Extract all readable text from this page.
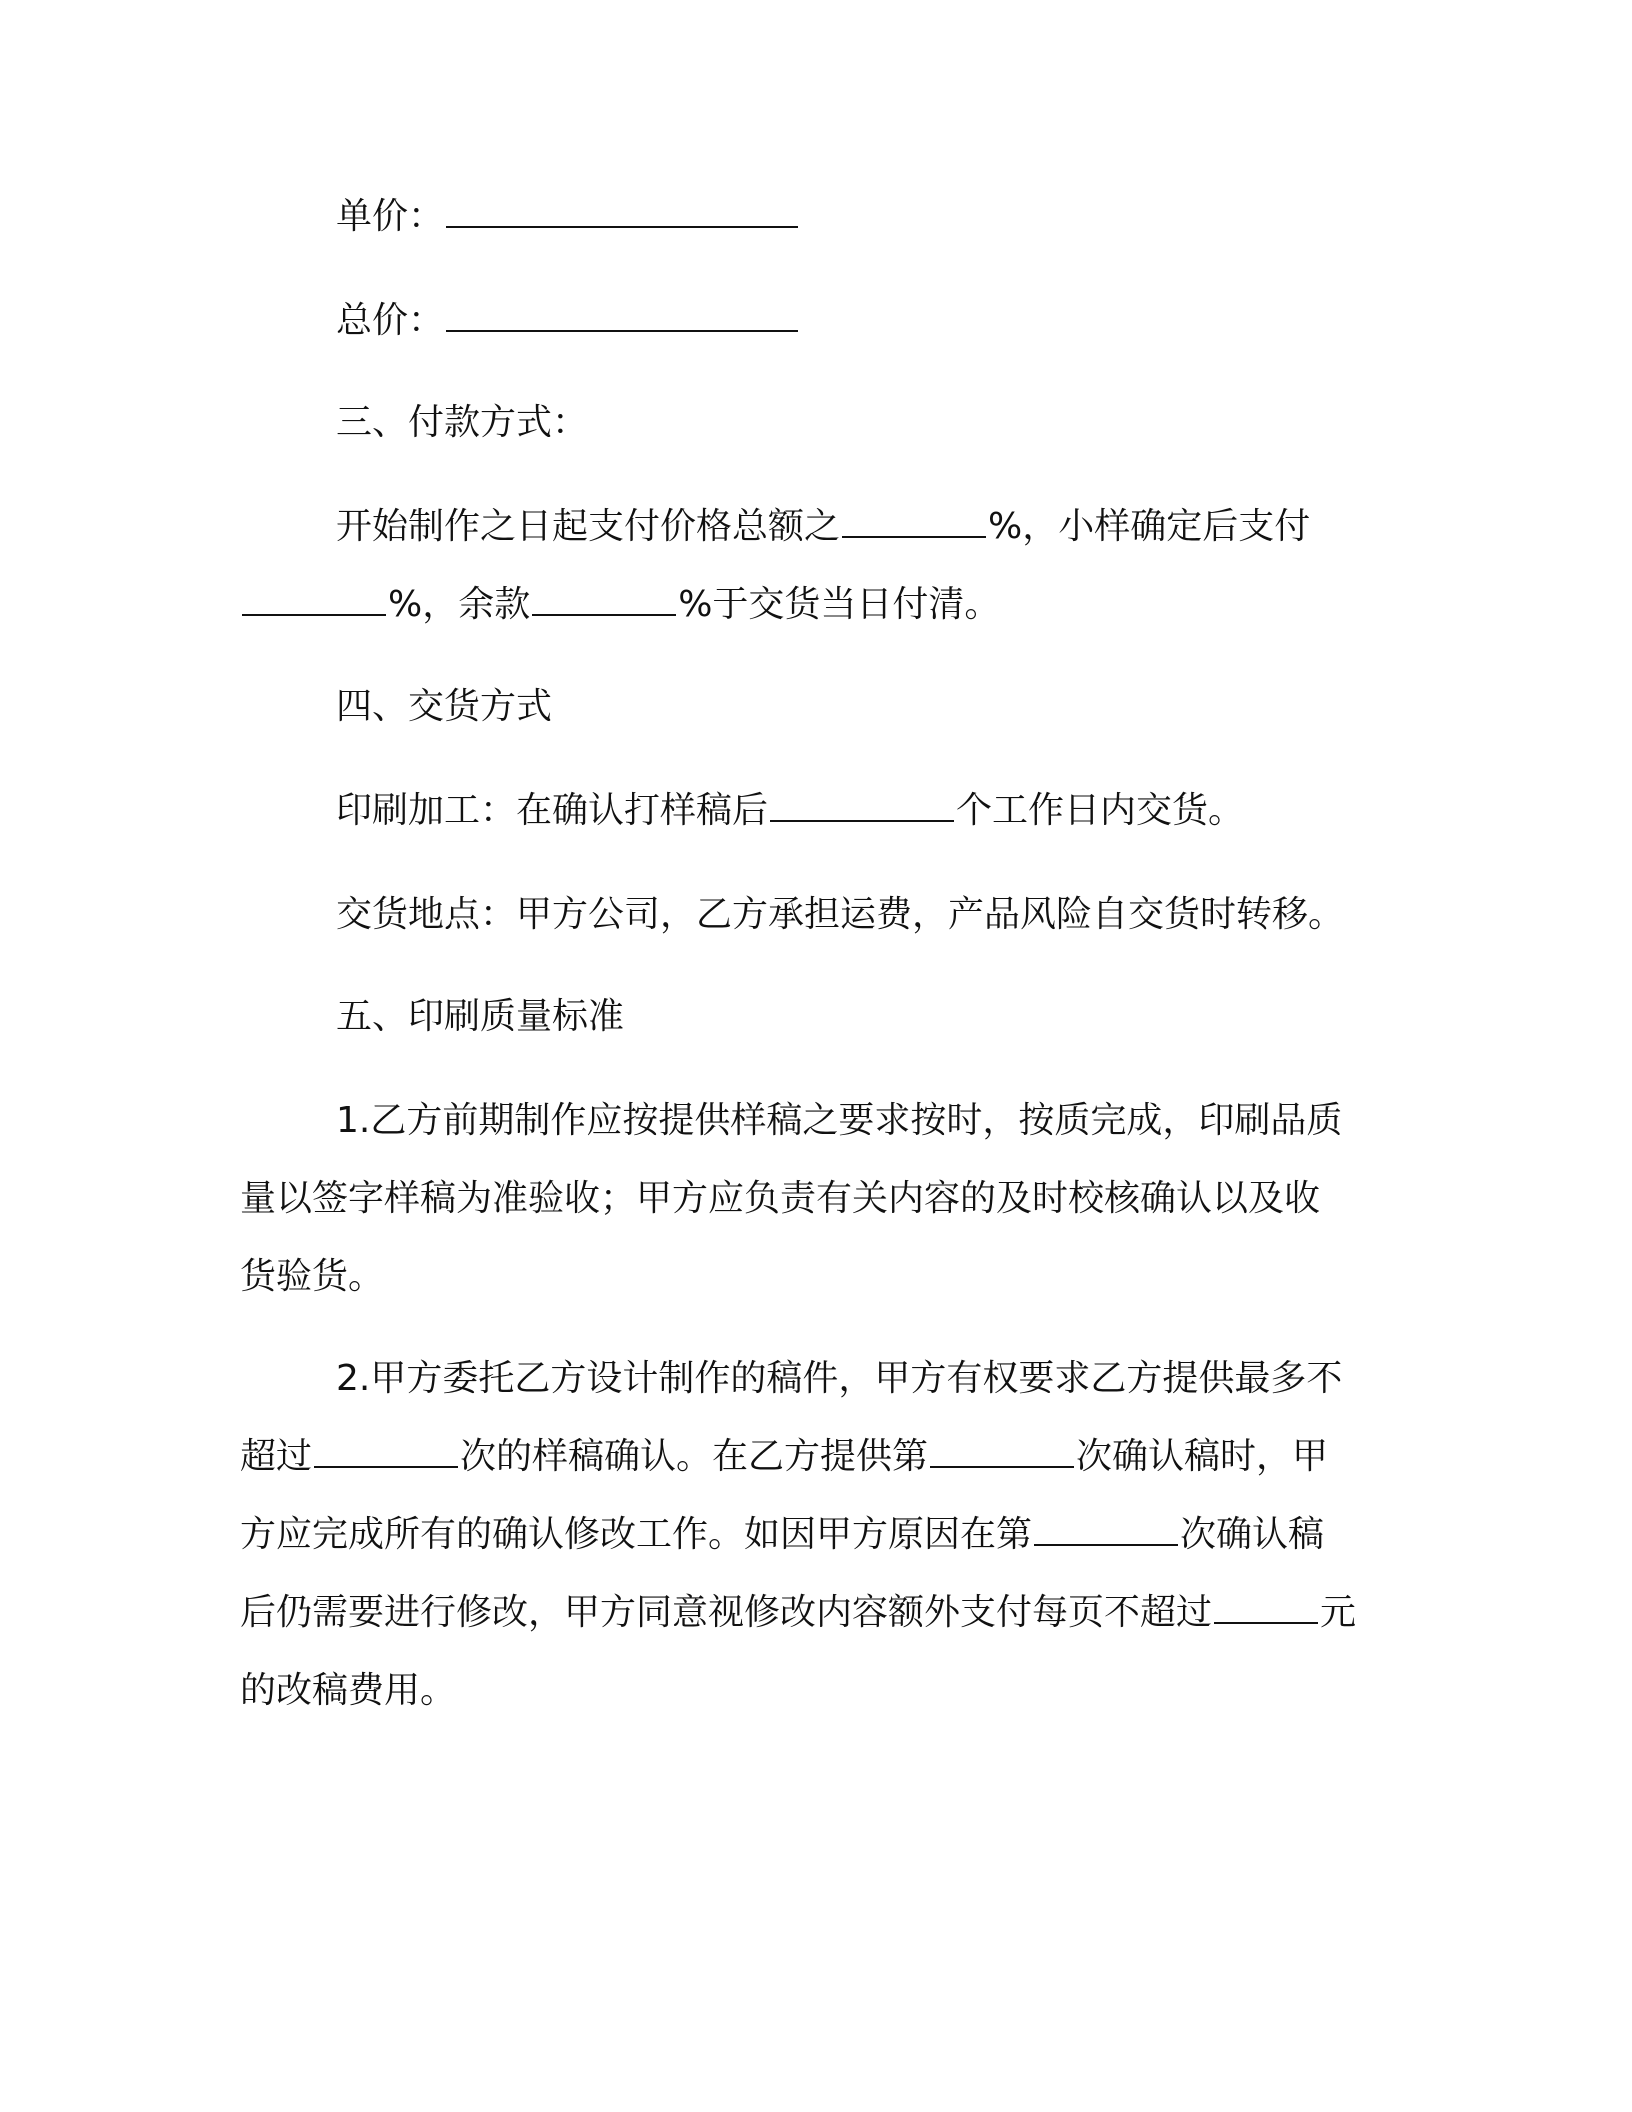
单价：
总价：
三、付款方式：
开始制作之日起支付价格总额之	%，小样确定后支付
%，余款	%于交货当日付清。
四、交货方式
印刷加工：在确认打样稿后	个工作日内交货。
交货地点：甲方公司，乙方承担运费，产品风险自交货时转移。
五、印刷质量标准
1.乙方前期制作应按提供样稿之要求按时，按质完成，印刷品质
量以签字样稿为准验收；甲方应负责有关内容的及时校核确认以及收
货验货。
2.甲方委托乙方设计制作的稿件，甲方有权要求乙方提供最多不
超过	次的样稿确认。在乙方提供第	次确认稿时，甲
方应完成所有的确认修改工作。如因甲方原因在第	次确认稿
后仍需要进行修改，甲方同意视修改内容额外支付每页不超过	元
的改稿费用。
